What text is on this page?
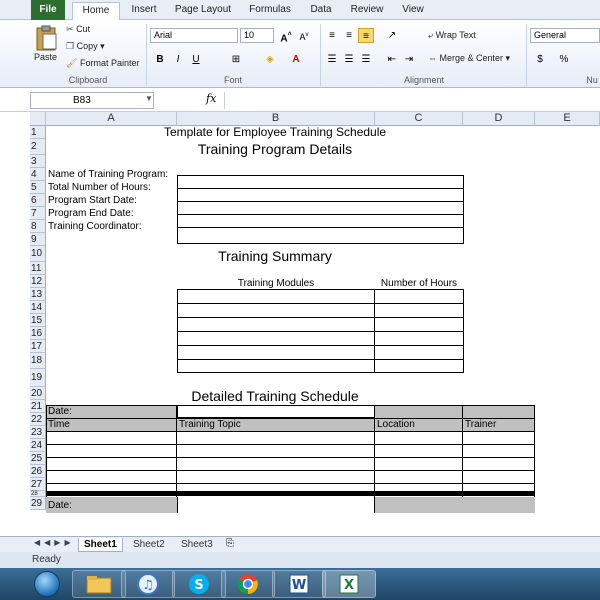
File	Home	Insert	Page Layout	Formulas	Data	Review	View
Paste
✂ Cut
❐ Copy ▾
🖌 Format Painter
Clipboard
Arial	10	A^ $A^v$
B	I	U	⊞	◈	A
Font
≡	≡	≡	↗
☰ ☰ ☰	⇤ ⇥
⤶ Wrap Text
⇔ Merge & Center ▾
Alignment
General
$	%
Nu
B83	▼	fx
A	B	C	D	E
1
2
3
4
5
6
7
8
9
10
11
12
13
14
15
16
17
18
19
20
21
22
23
24
25
26
27
28
29
Template for Employee Training Schedule
Training Program Details
Name of Training Program:
Total Number of Hours:
Program Start Date:
Program End Date:
Training Coordinator:
Training Summary
Training Modules	Number of Hours
Detailed Training Schedule
Date:
Time	Training Topic	Location	Trainer
Date:
◀◀▶▶ Sheet1	Sheet2	Sheet3	⎘
Ready
♫	S	W	X
